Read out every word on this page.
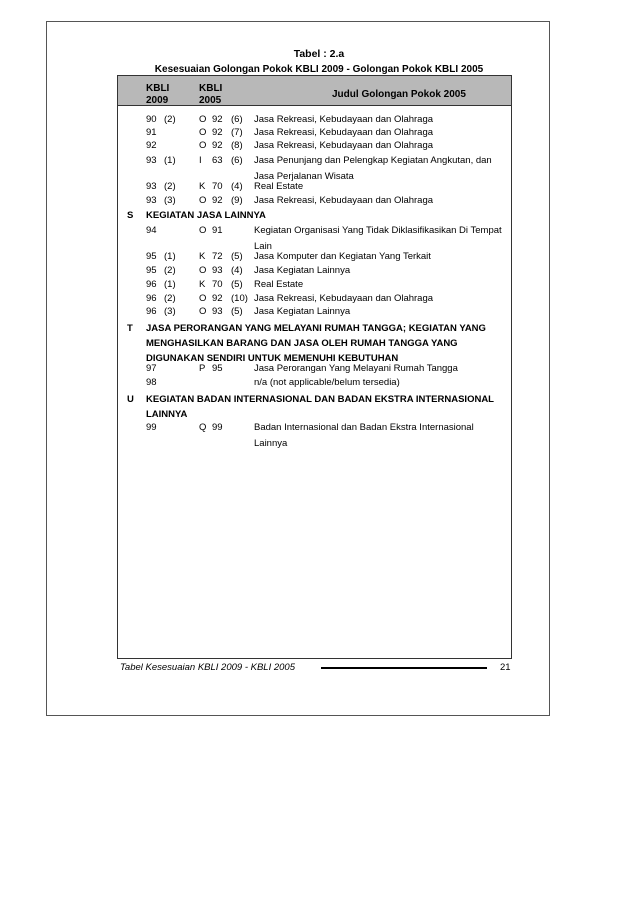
Tabel : 2.a
Kesesuaian Golongan Pokok KBLI 2009 - Golongan Pokok KBLI 2005
KBLI
2009
KBLI
2005
Judul Golongan Pokok 2005
90 (2) O 92 (6) Jasa Rekreasi, Kebudayaan dan Olahraga
91	O 92 (7) Jasa Rekreasi, Kebudayaan dan Olahraga
92	O 92 (8) Jasa Rekreasi, Kebudayaan dan Olahraga
93 (1) I 63 (6) Jasa Penunjang dan Pelengkap Kegiatan Angkutan, dan Jasa Perjalanan Wisata
93 (2) K 70 (4) Real Estate
93 (3) O 92 (9) Jasa Rekreasi, Kebudayaan dan Olahraga
S KEGIATAN JASA LAINNYA
94	O 91	Kegiatan Organisasi Yang Tidak Diklasifikasikan Di Tempat Lain
95 (1) K 72 (5) Jasa Komputer dan Kegiatan Yang Terkait
95 (2) O 93 (4) Jasa Kegiatan Lainnya
96 (1) K 70 (5) Real Estate
96 (2) O 92 (10) Jasa Rekreasi, Kebudayaan dan Olahraga
96 (3) O 93 (5) Jasa Kegiatan Lainnya
T JASA PERORANGAN YANG MELAYANI RUMAH TANGGA; KEGIATAN YANG MENGHASILKAN BARANG DAN JASA OLEH RUMAH TANGGA YANG DIGUNAKAN SENDIRI UNTUK MEMENUHI KEBUTUHAN
97	P 95	Jasa Perorangan Yang Melayani Rumah Tangga
98	n/a (not applicable/belum tersedia)
U KEGIATAN BADAN INTERNASIONAL DAN BADAN EKSTRA INTERNASIONAL LAINNYA
99	Q 99	Badan Internasional dan Badan Ekstra Internasional Lainnya
Tabel Kesesuaian KBLI 2009 - KBLI 2005	21
